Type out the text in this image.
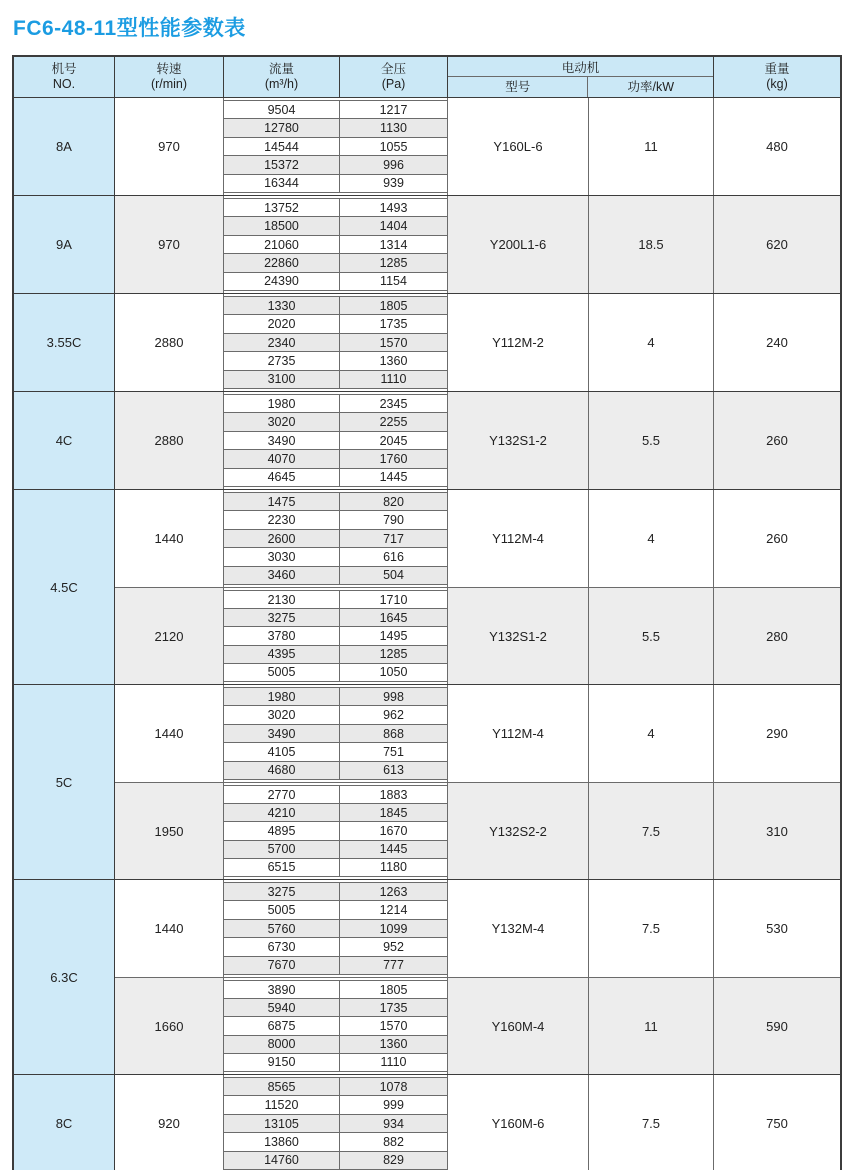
FC6-48-11型性能参数表
机号
NO.
转速
(r/min)
流量
(m³/h)
全压
(Pa)
电动机
型号	功率/kW
重量
(kg)
8A	970
9504	1217
12780	1130
14544	1055
15372	996
16344	939
Y160L-6	11	480
9A	970
13752	1493
18500	1404
21060	1314
22860	1285
24390	1154
Y200L1-6	18.5	620
3.55C	2880
1330	1805
2020	1735
2340	1570
2735	1360
3100	1110
Y112M-2	4	240
4C	2880
1980	2345
3020	2255
3490	2045
4070	1760
4645	1445
Y132S1-2	5.5	260
4.5C
1440
1475	820
2230	790
2600	717
3030	616
3460	504
Y112M-4	4	260
2120
2130	1710
3275	1645
3780	1495
4395	1285
5005	1050
Y132S1-2	5.5	280
5C
1440
1980	998
3020	962
3490	868
4105	751
4680	613
Y112M-4	4	290
1950
2770	1883
4210	1845
4895	1670
5700	1445
6515	1180
Y132S2-2	7.5	310
6.3C
1440
3275	1263
5005	1214
5760	1099
6730	952
7670	777
Y132M-4	7.5	530
1660
3890	1805
5940	1735
6875	1570
8000	1360
9150	1110
Y160M-4	11	590
8C	920
8565	1078
11520	999
13105	934
13860	882
14760	829
Y160M-6	7.5	750
